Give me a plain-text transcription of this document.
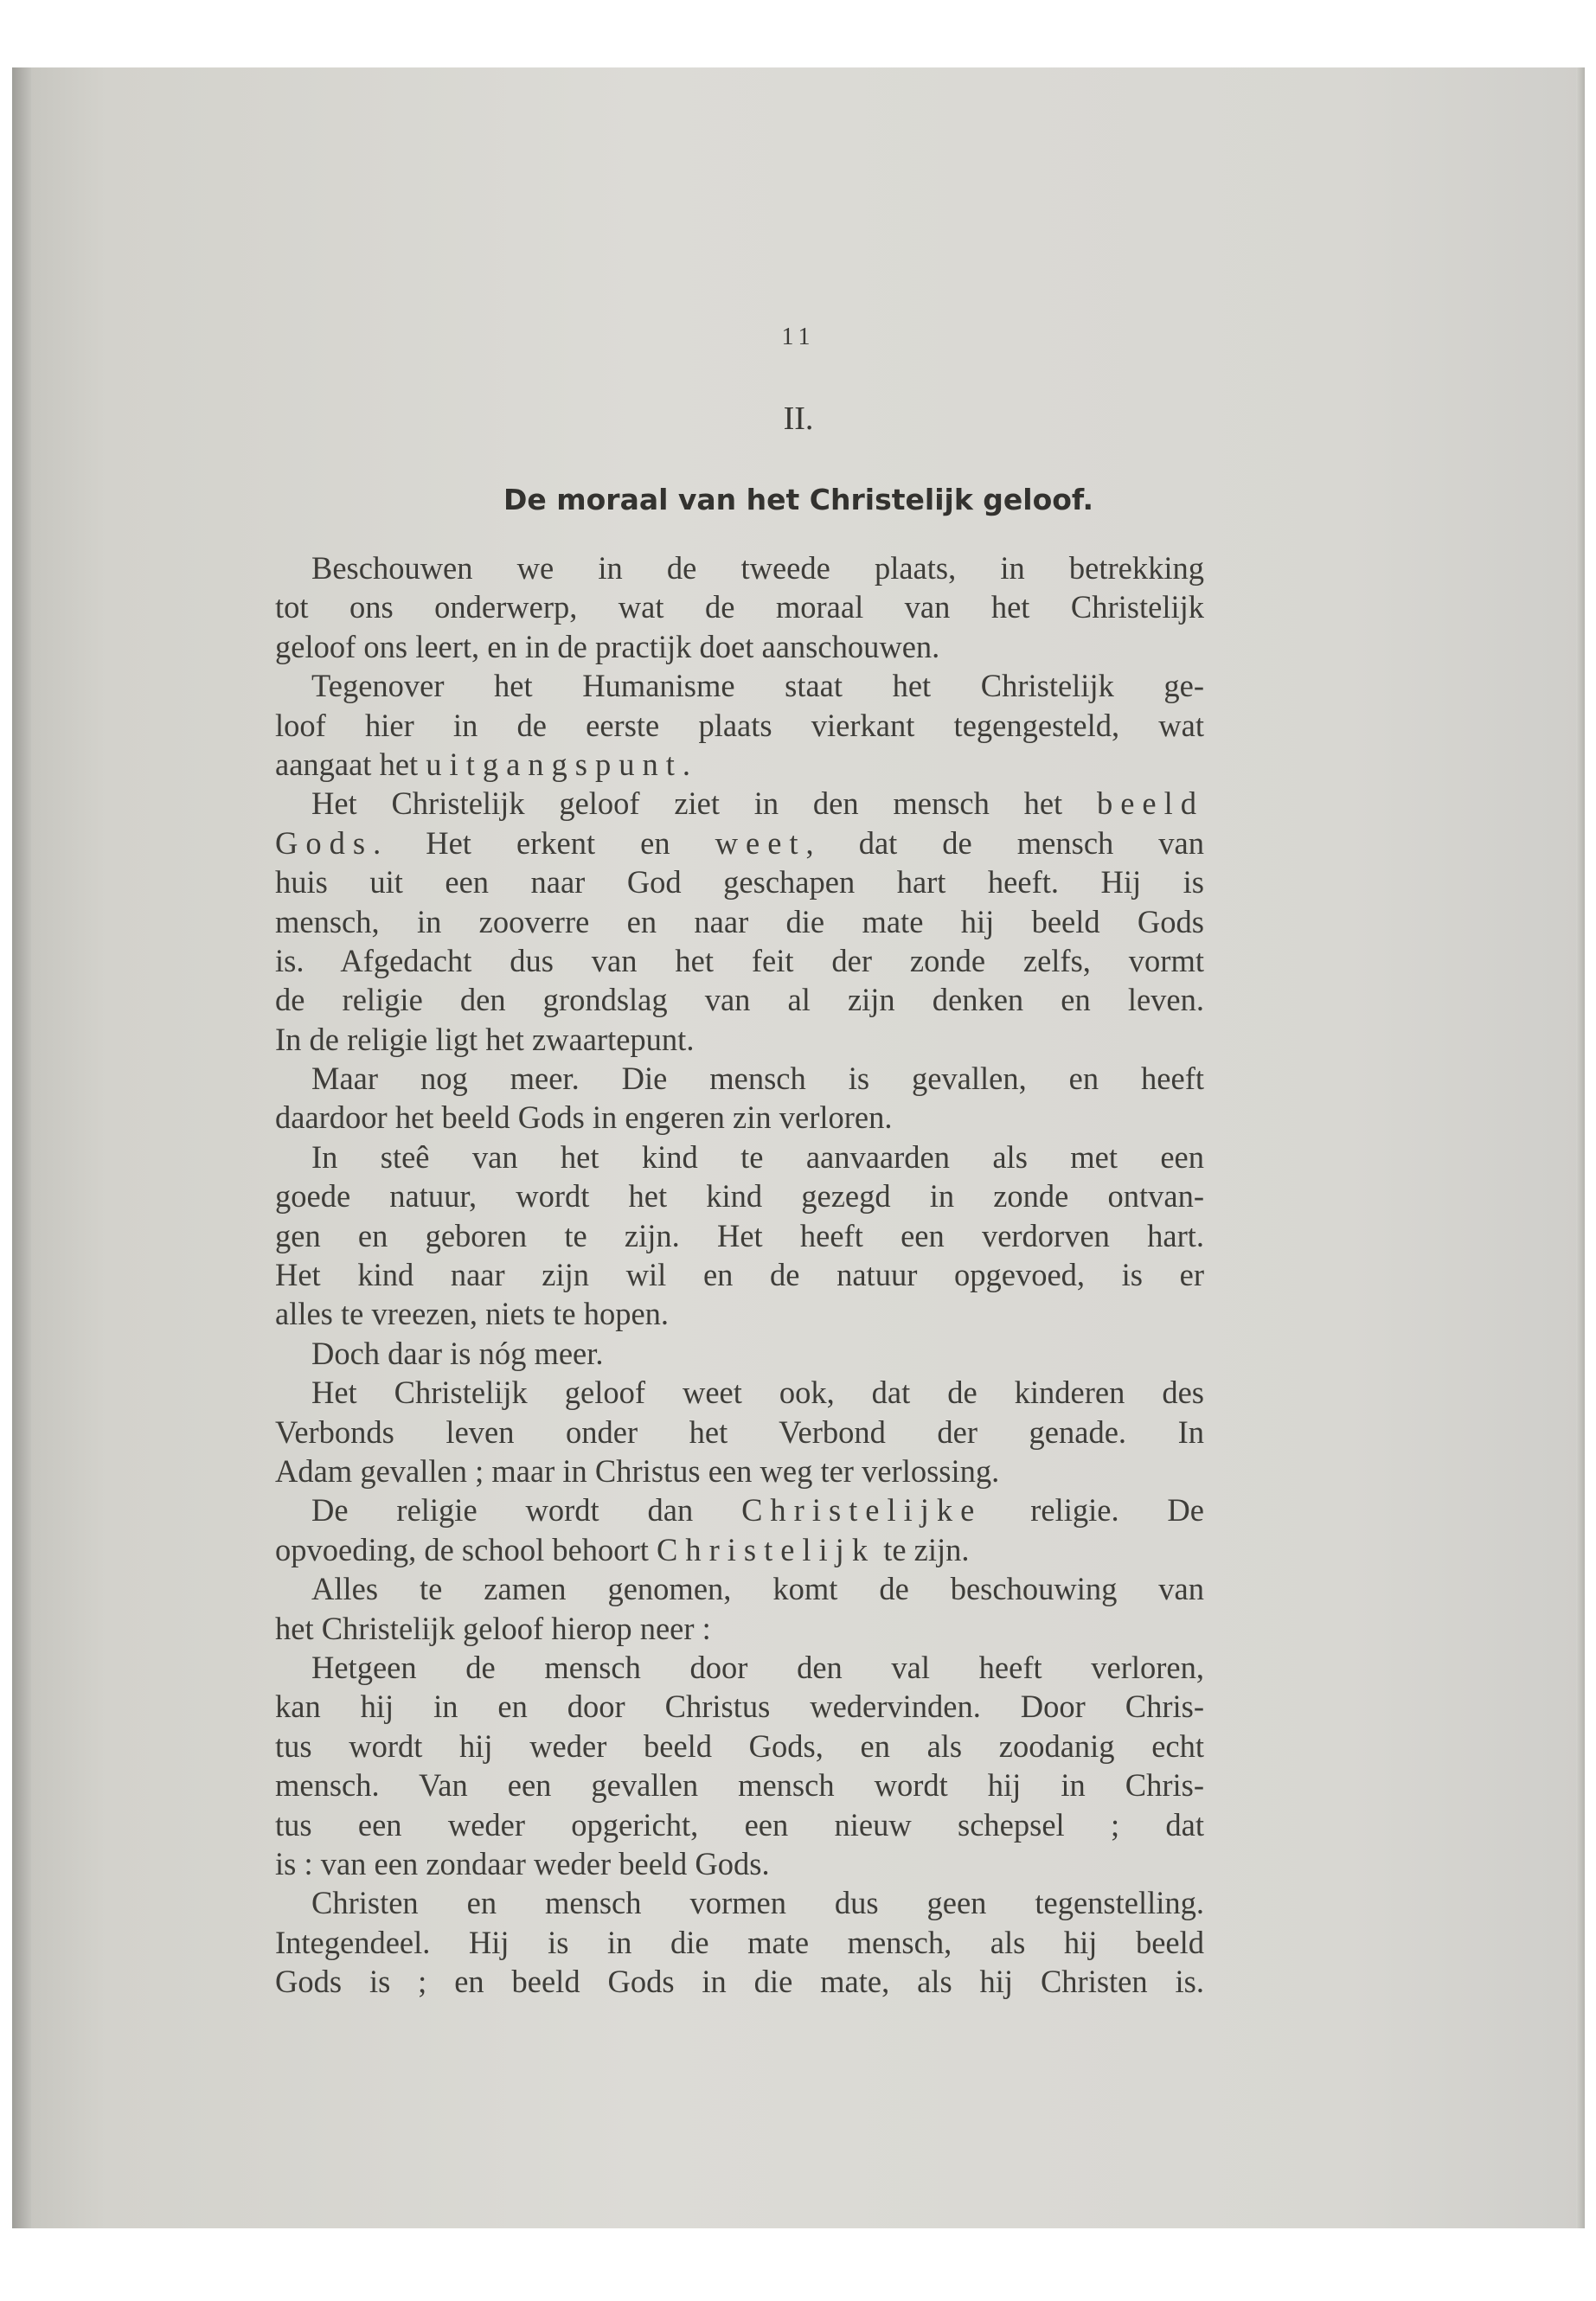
11
II.
De moraal van het Christelijk geloof.
Beschouwen we in de tweede plaats, in betrekking
tot ons onderwerp, wat de moraal van het Christelijk
geloof ons leert, en in de practijk doet aanschouwen.
Tegenover het Humanisme staat het Christelijk ge-
loof hier in de eerste plaats vierkant tegengesteld, wat
aangaat het uitgangspunt.
Het Christelijk geloof ziet in den mensch het beeld
Gods. Het erkent en weet, dat de mensch van
huis uit een naar God geschapen hart heeft. Hij is
mensch, in zooverre en naar die mate hij beeld Gods
is. Afgedacht dus van het feit der zonde zelfs, vormt
de religie den grondslag van al zijn denken en leven.
In de religie ligt het zwaartepunt.
Maar nog meer. Die mensch is gevallen, en heeft
daardoor het beeld Gods in engeren zin verloren.
In steê van het kind te aanvaarden als met een
goede natuur, wordt het kind gezegd in zonde ontvan-
gen en geboren te zijn. Het heeft een verdorven hart.
Het kind naar zijn wil en de natuur opgevoed, is er
alles te vreezen, niets te hopen.
Doch daar is nóg meer.
Het Christelijk geloof weet ook, dat de kinderen des
Verbonds leven onder het Verbond der genade. In
Adam gevallen ; maar in Christus een weg ter verlossing.
De religie wordt dan Christelijke religie. De
opvoeding, de school behoort Christelijk te zijn.
Alles te zamen genomen, komt de beschouwing van
het Christelijk geloof hierop neer :
Hetgeen de mensch door den val heeft verloren,
kan hij in en door Christus wedervinden. Door Chris-
tus wordt hij weder beeld Gods, en als zoodanig echt
mensch. Van een gevallen mensch wordt hij in Chris-
tus een weder opgericht, een nieuw schepsel ; dat
is : van een zondaar weder beeld Gods.
Christen en mensch vormen dus geen tegenstelling.
Integendeel. Hij is in die mate mensch, als hij beeld
Gods is ; en beeld Gods in die mate, als hij Christen is.
